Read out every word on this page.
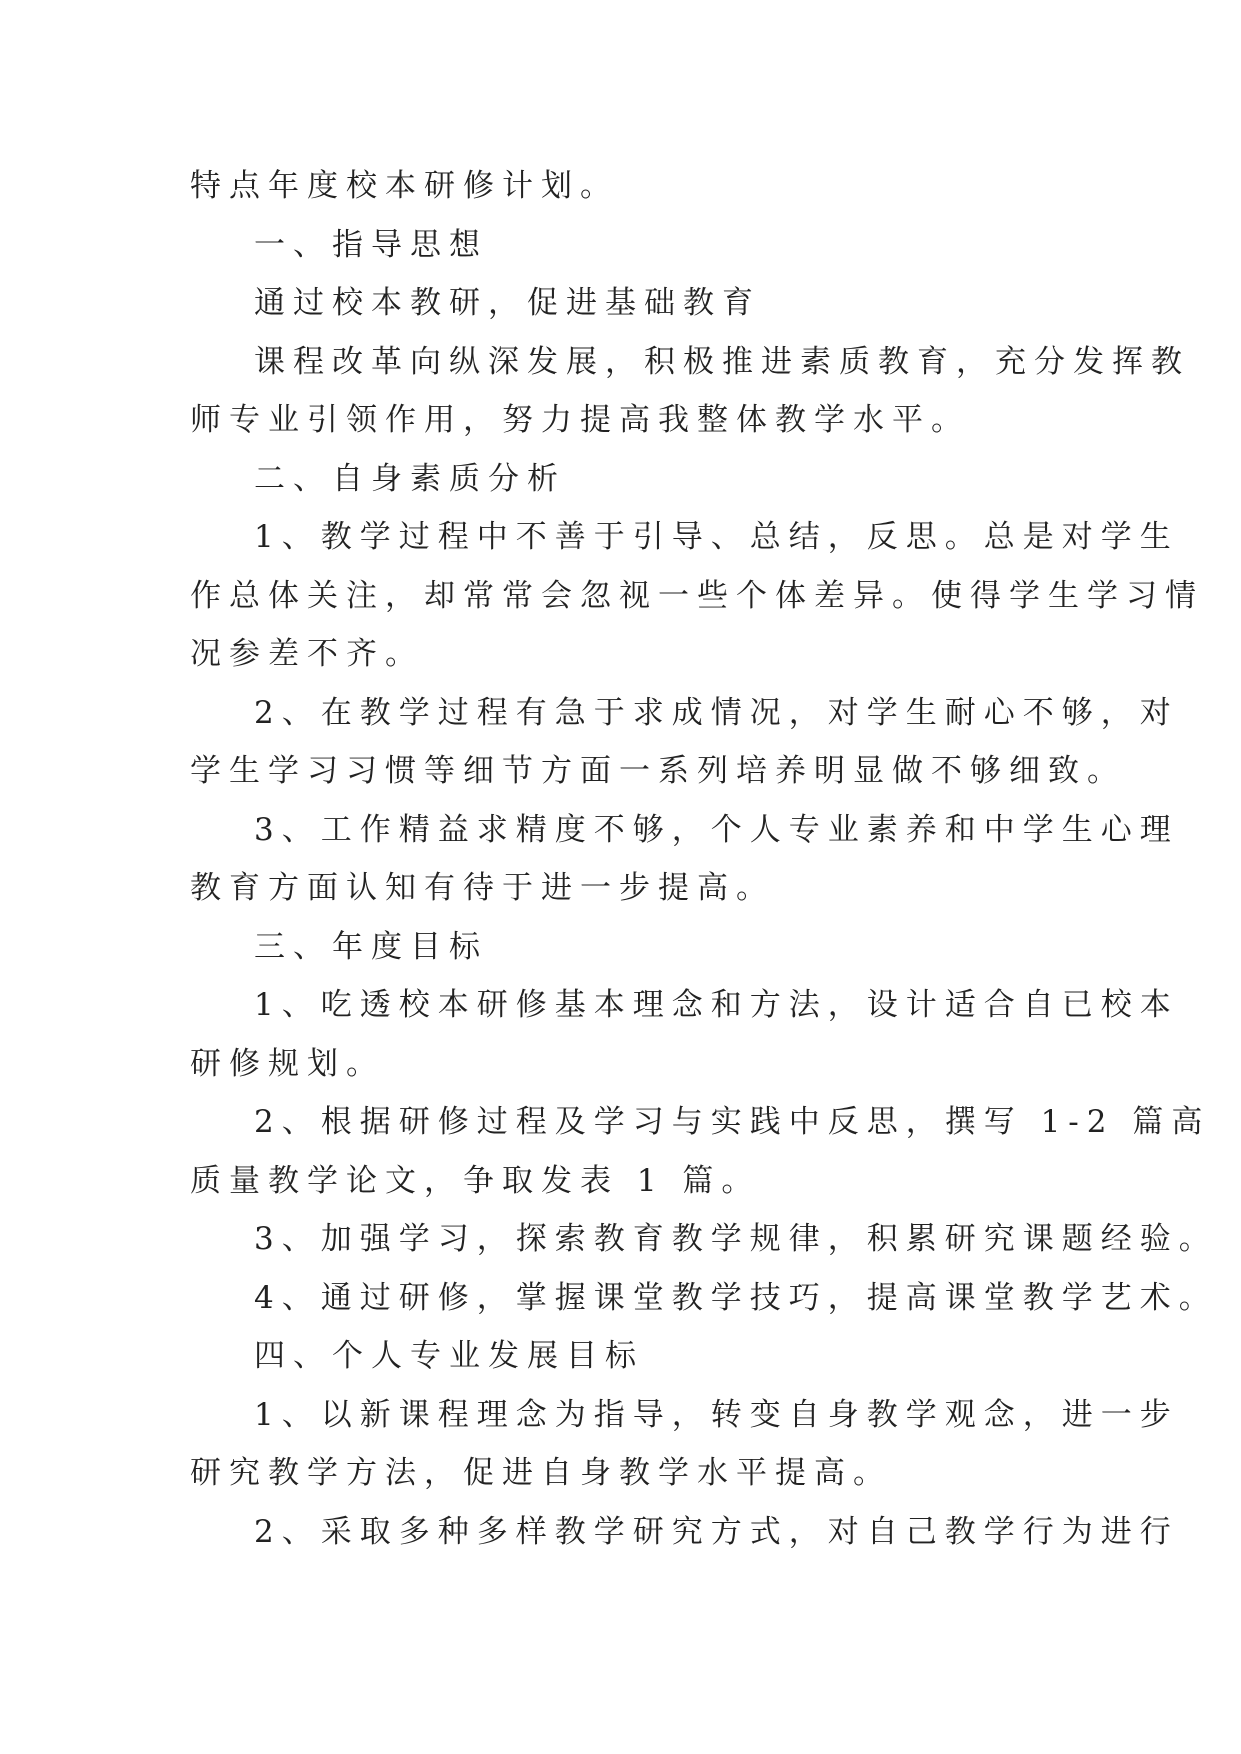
特点年度校本研修计划。
一、指导思想
通过校本教研，促进基础教育
课程改革向纵深发展，积极推进素质教育，充分发挥教
师专业引领作用，努力提高我整体教学水平。
二、自身素质分析
1、教学过程中不善于引导、总结，反思。总是对学生
作总体关注，却常常会忽视一些个体差异。使得学生学习情
况参差不齐。
2、在教学过程有急于求成情况，对学生耐心不够，对
学生学习习惯等细节方面一系列培养明显做不够细致。
3、工作精益求精度不够，个人专业素养和中学生心理
教育方面认知有待于进一步提高。
三、年度目标
1、吃透校本研修基本理念和方法，设计适合自已校本
研修规划。
2、根据研修过程及学习与实践中反思，撰写 1-2 篇高
质量教学论文，争取发表 1 篇。
3、加强学习，探索教育教学规律，积累研究课题经验。
4、通过研修，掌握课堂教学技巧，提高课堂教学艺术。
四、个人专业发展目标
1、以新课程理念为指导，转变自身教学观念，进一步
研究教学方法，促进自身教学水平提高。
2、采取多种多样教学研究方式，对自己教学行为进行
